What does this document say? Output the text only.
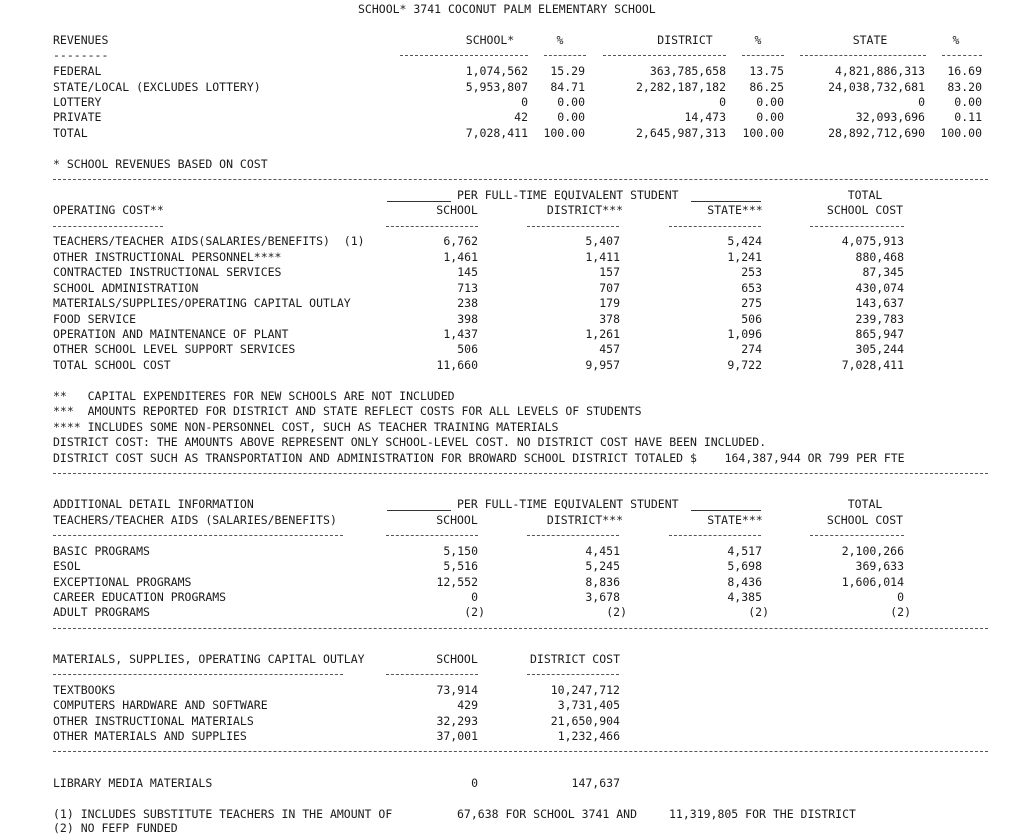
SCHOOL* 3741 COCONUT PALM ELEMENTARY SCHOOL
REVENUES
--------
SCHOOL*	%	DISTRICT	%	STATE	%
FEDERAL	1,074,562 15.29	363,785,658 13.75	4,821,886,313 16.69
STATE/LOCAL (EXCLUDES LOTTERY)	5,953,807 84.71	2,282,187,182 86.25	24,038,732,681 83.20
LOTTERY	0	0.00	0	0.00	0	0.00
PRIVATE	42	0.00	14,473	0.00	32,093,696	0.11
TOTAL	7,028,411 100.00	2,645,987,313 100.00	28,892,712,690 100.00
* SCHOOL REVENUES BASED ON COST
PER FULL-TIME EQUIVALENT STUDENT	TOTAL
OPERATING COST**	SCHOOL	DISTRICT***	STATE***	SCHOOL COST
TEACHERS/TEACHER AIDS(SALARIES/BENEFITS)  (1)	6,762	5,407	5,424	4,075,913
OTHER INSTRUCTIONAL PERSONNEL****	1,461	1,411	1,241	880,468
CONTRACTED INSTRUCTIONAL SERVICES	145	157	253	87,345
SCHOOL ADMINISTRATION	713	707	653	430,074
MATERIALS/SUPPLIES/OPERATING CAPITAL OUTLAY	238	179	275	143,637
FOOD SERVICE	398	378	506	239,783
OPERATION AND MAINTENANCE OF PLANT	1,437	1,261	1,096	865,947
OTHER SCHOOL LEVEL SUPPORT SERVICES	506	457	274	305,244
TOTAL SCHOOL COST	11,660	9,957	9,722	7,028,411
**   CAPITAL EXPENDITERES FOR NEW SCHOOLS ARE NOT INCLUDED
***  AMOUNTS REPORTED FOR DISTRICT AND STATE REFLECT COSTS FOR ALL LEVELS OF STUDENTS
**** INCLUDES SOME NON-PERSONNEL COST, SUCH AS TEACHER TRAINING MATERIALS
DISTRICT COST: THE AMOUNTS ABOVE REPRESENT ONLY SCHOOL-LEVEL COST. NO DISTRICT COST HAVE BEEN INCLUDED.
DISTRICT COST SUCH AS TRANSPORTATION AND ADMINISTRATION FOR BROWARD SCHOOL DISTRICT TOTALED $    164,387,944 OR 799 PER FTE
ADDITIONAL DETAIL INFORMATION	PER FULL-TIME EQUIVALENT STUDENT	TOTAL
TEACHERS/TEACHER AIDS (SALARIES/BENEFITS)	SCHOOL	DISTRICT***	STATE***	SCHOOL COST
BASIC PROGRAMS	5,150	4,451	4,517	2,100,266
ESOL	5,516	5,245	5,698	369,633
EXCEPTIONAL PROGRAMS	12,552	8,836	8,436	1,606,014
CAREER EDUCATION PROGRAMS	0	3,678	4,385	0
ADULT PROGRAMS	(2)	(2)	(2)	(2)
MATERIALS, SUPPLIES, OPERATING CAPITAL OUTLAY	SCHOOL	DISTRICT COST
TEXTBOOKS	73,914	10,247,712
COMPUTERS HARDWARE AND SOFTWARE	429	3,731,405
OTHER INSTRUCTIONAL MATERIALS	32,293	21,650,904
OTHER MATERIALS AND SUPPLIES	37,001	1,232,466
LIBRARY MEDIA MATERIALS	0	147,637
(1) INCLUDES SUBSTITUTE TEACHERS IN THE AMOUNT OF	67,638 FOR SCHOOL 3741 AND	11,319,805 FOR THE DISTRICT
(2) NO FEFP FUNDED
